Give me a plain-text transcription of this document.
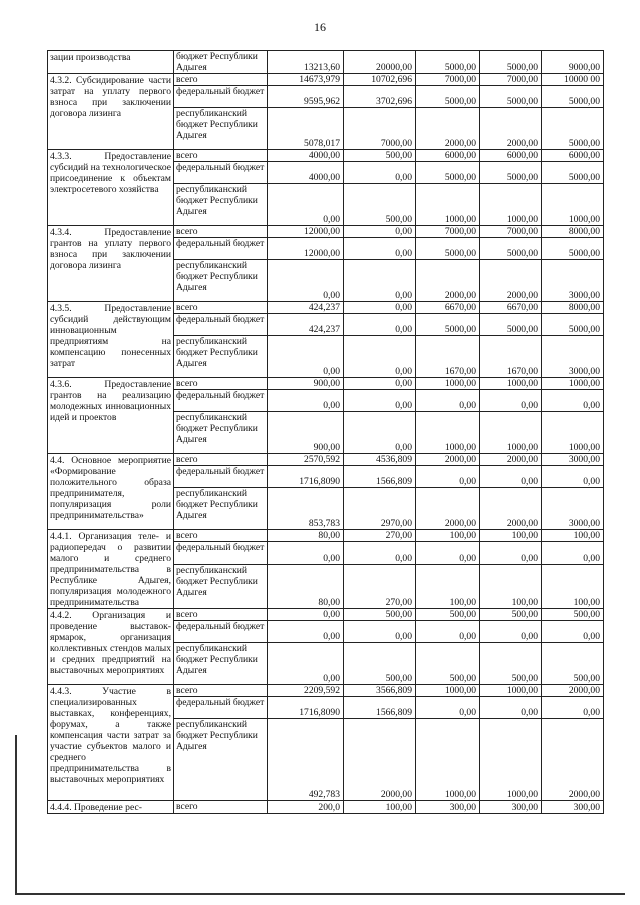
16
зации производства	бюджет Республики Адыгея	13213,60	20000,00	5000,00	5000,00	9000,00
4.3.2. Субсидирование части затрат на уплату первого взноса при заключении договора лизинга	всего	14673,979	10702,696	7000,00	7000,00	10000 00
	федеральный бюджет	9595,962	3702,696	5000,00	5000,00	5000,00
	республиканский бюджет Республики Адыгея	5078,017	7000,00	2000,00	2000,00	5000,00
4.3.3. Предоставление субсидий на технологическое присоединение к объектам электросетевого хозяйства	всего	4000,00	500,00	6000,00	6000,00	6000,00
	федеральный бюджет	4000,00	0,00	5000,00	5000,00	5000,00
	республиканский бюджет Республики Адыгея	0,00	500,00	1000,00	1000,00	1000,00
4.3.4. Предоставление грантов на уплату первого взноса при заключении договора лизинга	всего	12000,00	0,00	7000,00	7000,00	8000,00
	федеральный бюджет	12000,00	0,00	5000,00	5000,00	5000,00
	республиканский бюджет Республики Адыгея	0,00	0,00	2000,00	2000,00	3000,00
4.3.5. Предоставление субсидий действующим инновационным предприятиям на компенсацию понесенных затрат	всего	424,237	0,00	6670,00	6670,00	8000,00
	федеральный бюджет	424,237	0,00	5000,00	5000,00	5000,00
	республиканский бюджет Республики Адыгея	0,00	0,00	1670,00	1670,00	3000,00
4.3.6. Предоставление грантов на реализацию молодежных инновационных идей и проектов	всего	900,00	0,00	1000,00	1000,00	1000,00
	федеральный бюджет	0,00	0,00	0,00	0,00	0,00
	республиканский бюджет Республики Адыгея	900,00	0,00	1000,00	1000,00	1000,00
4.4. Основное мероприятие «Формирование положительного образа предпринимателя, популяризация роли предпринимательства»	всего	2570,592	4536,809	2000,00	2000,00	3000,00
	федеральный бюджет	1716,8090	1566,809	0,00	0,00	0,00
	республиканский бюджет Республики Адыгея	853,783	2970,00	2000,00	2000,00	3000,00
4.4.1. Организация теле- и радиопередач о развитии малого и среднего предпринимательства в Республике Адыгея, популяризация молодежного предпринимательства	всего	80,00	270,00	100,00	100,00	100,00
	федеральный бюджет	0,00	0,00	0,00	0,00	0,00
	республиканский бюджет Республики Адыгея	80,00	270,00	100,00	100,00	100,00
4.4.2. Организация и проведение выставок-ярмарок, организация коллективных стендов малых и средних предприятий на выставочных мероприятиях	всего	0,00	500,00	500,00	500,00	500,00
	федеральный бюджет	0,00	0,00	0,00	0,00	0,00
	республиканский бюджет Республики Адыгея	0,00	500,00	500,00	500,00	500,00
4.4.3. Участие в специализированных выставках, конференциях, форумах, а также компенсация части затрат за участие субъектов малого и среднего предпринимательства в выставочных мероприятиях	всего	2209,592	3566,809	1000,00	1000,00	2000,00
	федеральный бюджет	1716,8090	1566,809	0,00	0,00	0,00
	республиканский бюджет Республики Адыгея	492,783	2000,00	1000,00	1000,00	2000,00
4.4.4. Проведение рес-	всего	200,0	100,00	300,00	300,00	300,00
